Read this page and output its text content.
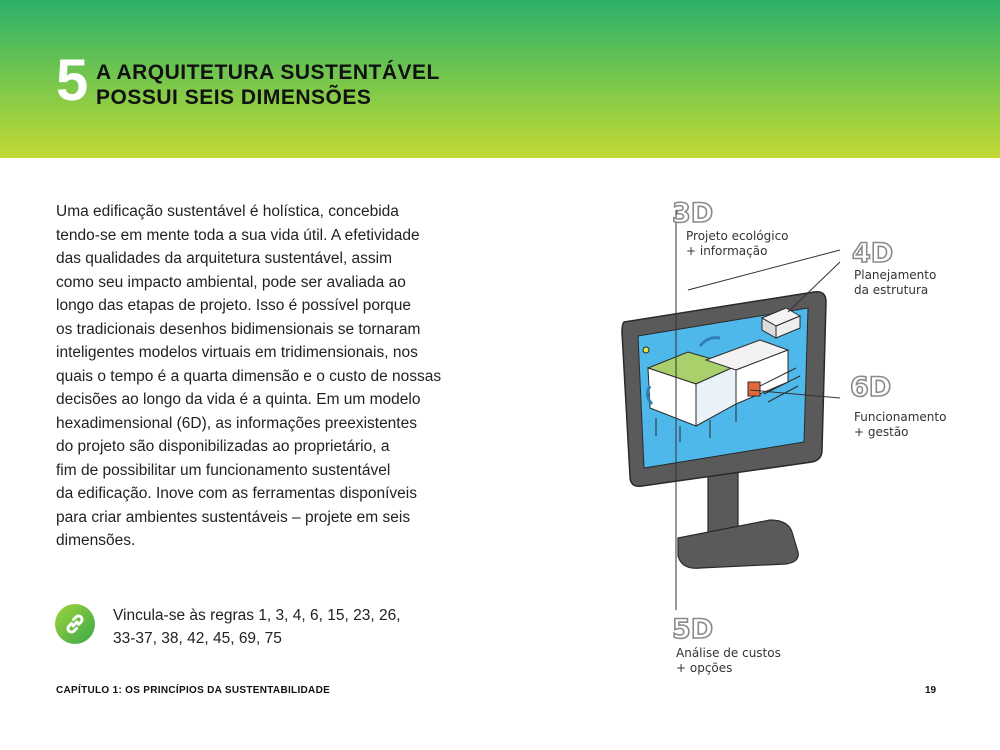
5 A ARQUITETURA SUSTENTÁVEL
POSSUI SEIS DIMENSÕES
Uma edificação sustentável é holística, concebida
tendo-se em mente toda a sua vida útil. A efetividade
das qualidades da arquitetura sustentável, assim
como seu impacto ambiental, pode ser avaliada ao
longo das etapas de projeto. Isso é possível porque
os tradicionais desenhos bidimensionais se tornaram
inteligentes modelos virtuais em tridimensionais, nos
quais o tempo é a quarta dimensão e o custo de nossas
decisões ao longo da vida é a quinta. Em um modelo
hexadimensional (6D), as informações preexistentes
do projeto são disponibilizadas ao proprietário, a
fim de possibilitar um funcionamento sustentável
da edificação. Inove com as ferramentas disponíveis
para criar ambientes sustentáveis – projete em seis
dimensões.
Vincula-se às regras 1, 3, 4, 6, 15, 23, 26,
33-37, 38, 42, 45, 69, 75
3D
Projeto ecológico
+ informação	4D
Planejamento
da estrutura
6D
Funcionamento
+ gestão
5D
Análise de custos
+ opções
CAPÍTULO 1: OS PRINCÍPIOS DA SUSTENTABILIDADE	19
